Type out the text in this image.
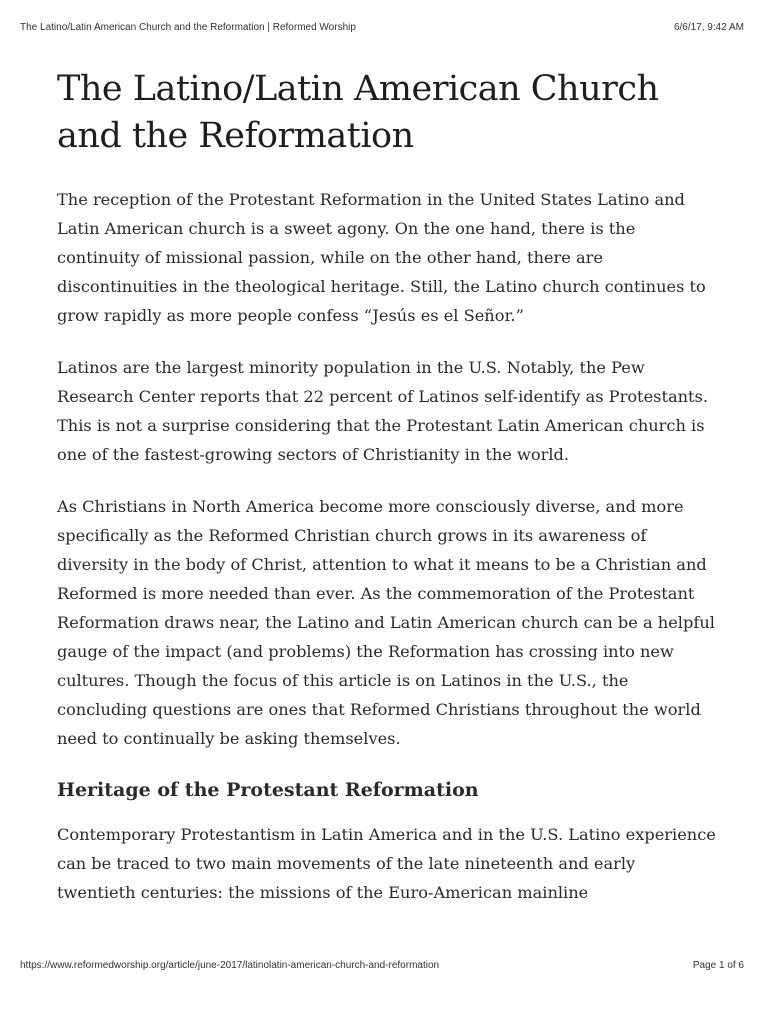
The Latino/Latin American Church and the Reformation | Reformed Worship	6/6/17, 9:42 AM
The Latino/Latin American Church and the Reformation

The reception of the Protestant Reformation in the United States Latino and Latin American church is a sweet agony. On the one hand, there is the continuity of missional passion, while on the other hand, there are discontinuities in the theological heritage. Still, the Latino church continues to grow rapidly as more people confess “Jesús es el Señor.”

Latinos are the largest minority population in the U.S. Notably, the Pew Research Center reports that 22 percent of Latinos self-identify as Protestants. This is not a surprise considering that the Protestant Latin American church is one of the fastest-growing sectors of Christianity in the world.

As Christians in North America become more consciously diverse, and more specifically as the Reformed Christian church grows in its awareness of diversity in the body of Christ, attention to what it means to be a Christian and Reformed is more needed than ever. As the commemoration of the Protestant Reformation draws near, the Latino and Latin American church can be a helpful gauge of the impact (and problems) the Reformation has crossing into new cultures. Though the focus of this article is on Latinos in the U.S., the concluding questions are ones that Reformed Christians throughout the world need to continually be asking themselves.

Heritage of the Protestant Reformation

Contemporary Protestantism in Latin America and in the U.S. Latino experience can be traced to two main movements of the late nineteenth and early twentieth centuries: the missions of the Euro-American mainline

https://www.reformedworship.org/article/june-2017/latinolatin-american-church-and-reformation	Page 1 of 6
